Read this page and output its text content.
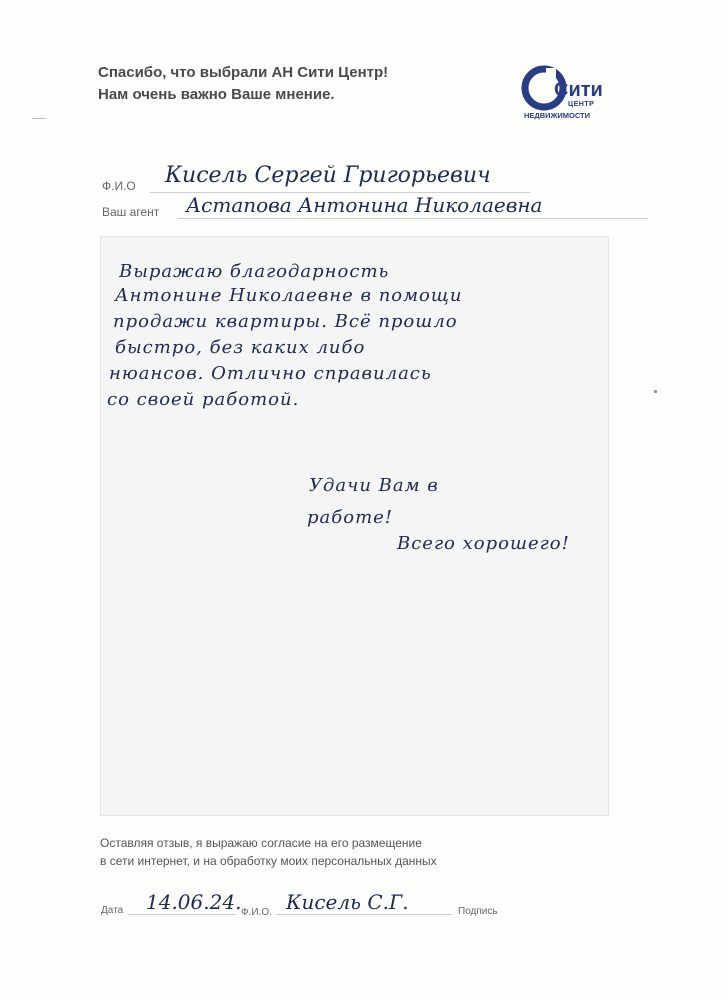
Спасибо, что выбрали АН Сити Центр!
Нам очень важно Ваше мнение.	Сити
ЦЕНТР
НЕДВИЖИМОСТИ
Ф.И.О Кисель Сергей Григорьевич
Ваш агент Астапова Антонина Николаевна
Выражаю благодарность
Антонине Николаевне в помощи
продажи квартиры. Всё прошло
быстро, без каких либо
нюансов. Отлично справилась
со своей работой.
Удачи Вам в
работе!
Всего хорошего!
Оставляя отзыв, я выражаю согласие на его размещение
в сети интернет, и на обработку моих персональных данных
Дата 14.06.24. Ф.И.О. Кисель С.Г.	Подпись
